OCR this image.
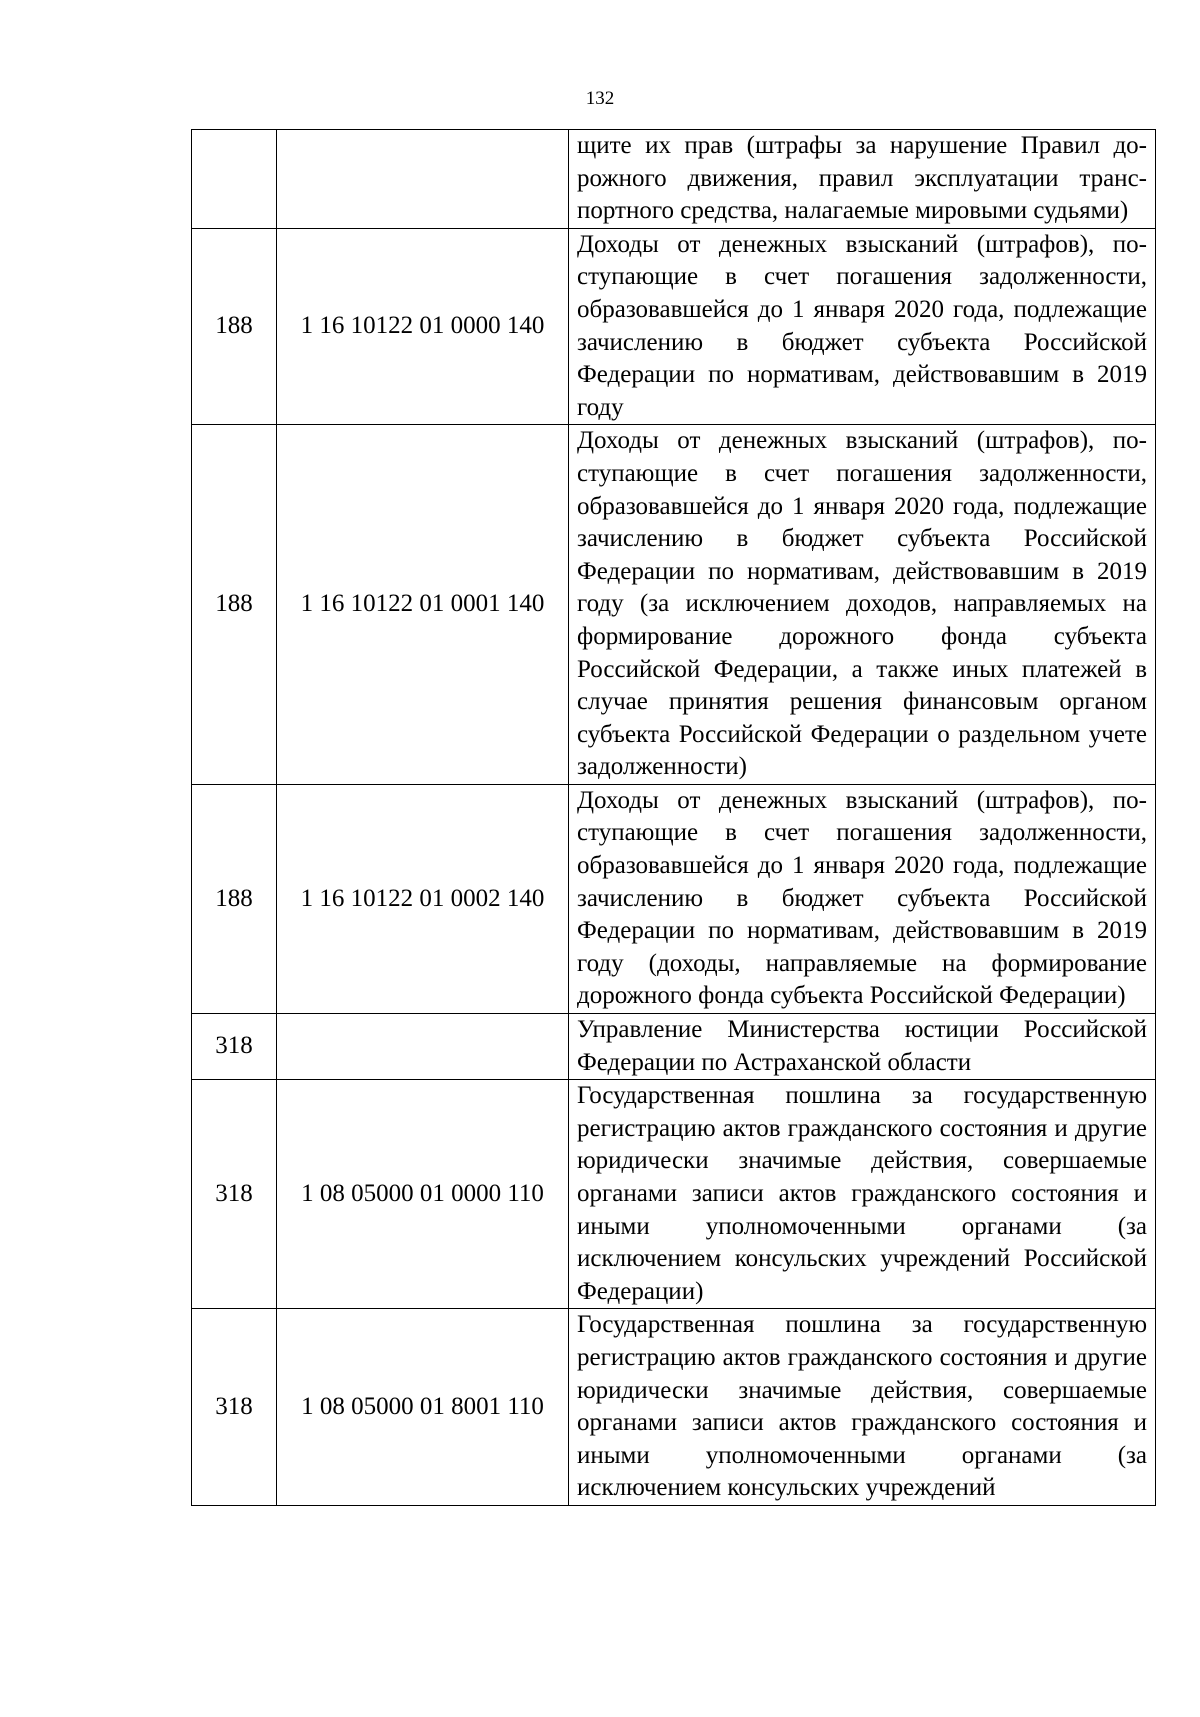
132
		щите их прав (штрафы за нарушение Правил дорожного движения, правил эксплуатации транспортного средства, налагаемые мировыми судьями)
188	1 16 10122 01 0000 140	Доходы от денежных взысканий (штрафов), поступающие в счет погашения задолженности, образовавшейся до 1 января 2020 года, подлежащие зачислению в бюджет субъекта Российской Федерации по нормативам, действовавшим в 2019 году
188	1 16 10122 01 0001 140	Доходы от денежных взысканий (штрафов), поступающие в счет погашения задолженности, образовавшейся до 1 января 2020 года, подлежащие зачислению в бюджет субъекта Российской Федерации по нормативам, действовавшим в 2019 году (за исключением доходов, направляемых на формирование дорожного фонда субъекта Российской Федерации, а также иных платежей в случае принятия решения финансовым органом субъекта Российской Федерации о раздельном учете задолженности)
188	1 16 10122 01 0002 140	Доходы от денежных взысканий (штрафов), поступающие в счет погашения задолженности, образовавшейся до 1 января 2020 года, подлежащие зачислению в бюджет субъекта Российской Федерации по нормативам, действовавшим в 2019 году (доходы, направляемые на формирование дорожного фонда субъекта Российской Федерации)
318		Управление Министерства юстиции Российской Федерации по Астраханской области
318	1 08 05000 01 0000 110	Государственная пошлина за государственную регистрацию актов гражданского состояния и другие юридически значимые действия, совершаемые органами записи актов гражданского состояния и иными уполномоченными органами (за исключением консульских учреждений Российской Федерации)
318	1 08 05000 01 8001 110	Государственная пошлина за государственную регистрацию актов гражданского состояния и другие юридически значимые действия, совершаемые органами записи актов гражданского состояния и иными уполномоченными органами (за исключением консульских учреждений
